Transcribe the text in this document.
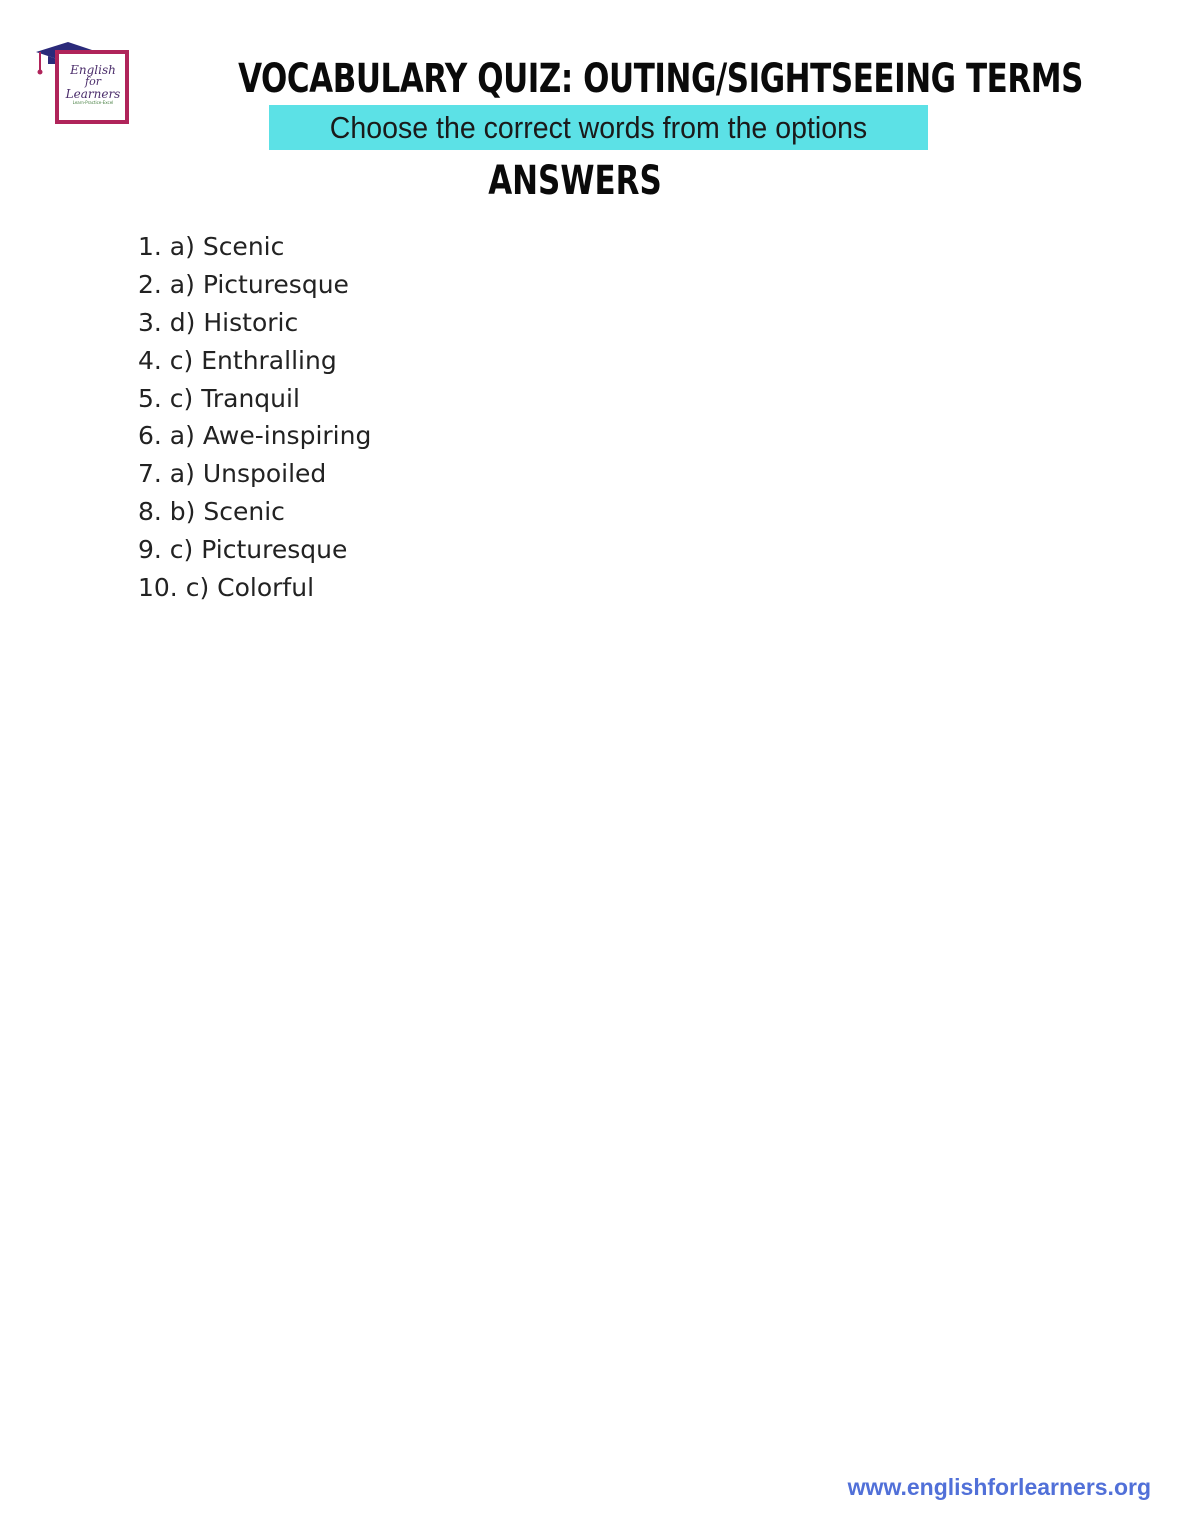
English
for
Learners
Learn-Practice-Excel
VOCABULARY QUIZ: OUTING/SIGHTSEEING TERMS
Choose the correct words from the options
ANSWERS
1. a) Scenic
2. a) Picturesque
3. d) Historic
4. c) Enthralling
5. c) Tranquil
6. a) Awe-inspiring
7. a) Unspoiled
8. b) Scenic
9. c) Picturesque
10. c) Colorful
www.englishforlearners.org
